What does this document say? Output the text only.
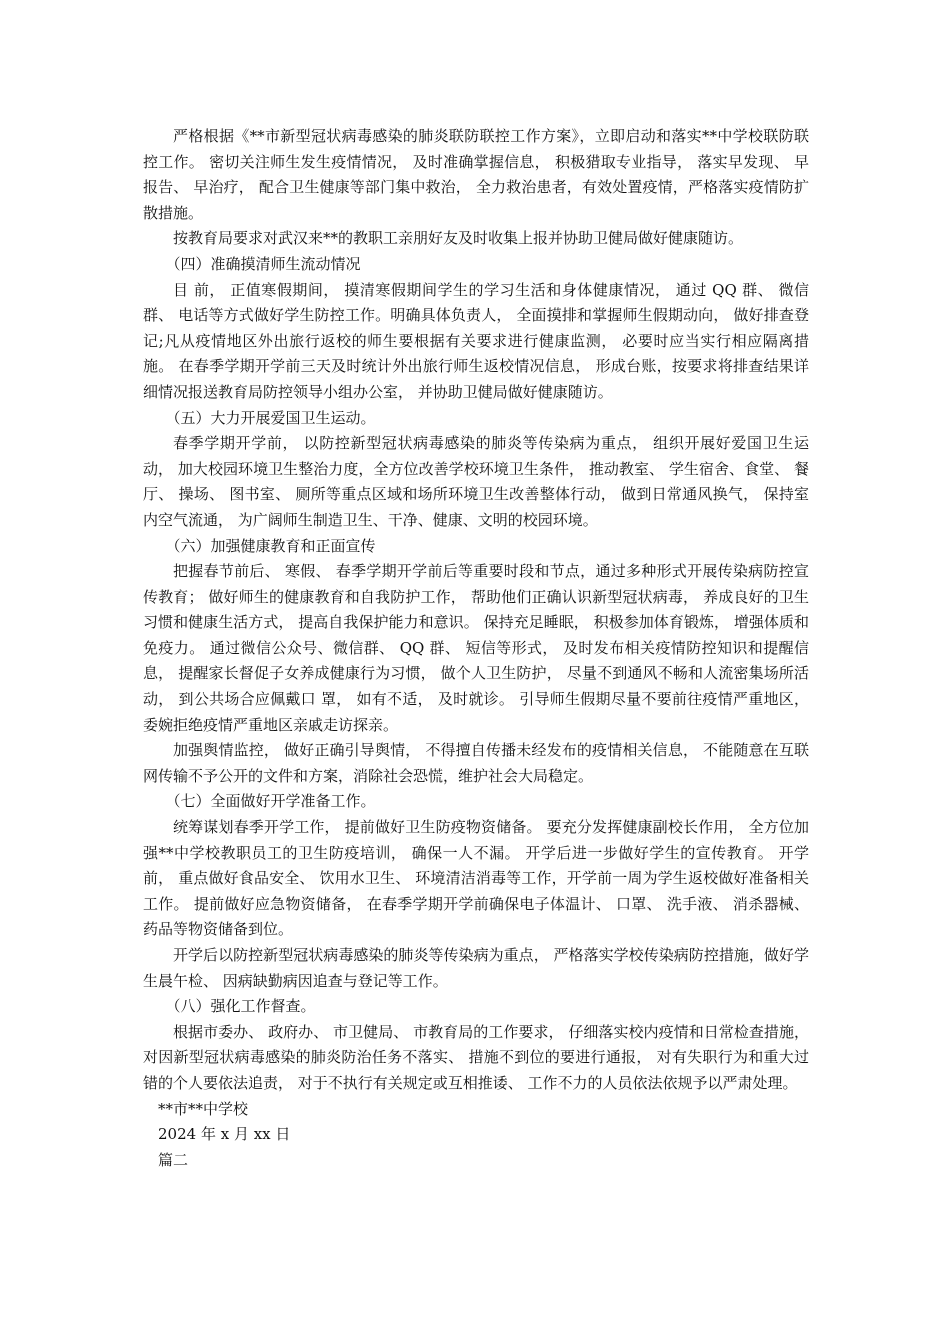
严格根据《**市新型冠状病毒感染的肺炎联防联控工作方案》，立即启动和落实**中学校联防联控工作。 密切关注师生发生疫情情况， 及时准确掌握信息， 积极猎取专业指导， 落实早发现、 早报告、 早治疗， 配合卫生健康等部门集中救治， 全力救治患者，有效处置疫情，严格落实疫情防扩散措施。

按教育局要求对武汉来**的教职工亲朋好友及时收集上报并协助卫健局做好健康随访。

（四）准确摸清师生流动情况

目 前， 正值寒假期间， 摸清寒假期间学生的学习生活和身体健康情况， 通过 QQ 群、 微信群、 电话等方式做好学生防控工作。明确具体负责人， 全面摸排和掌握师生假期动向， 做好排查登记;凡从疫情地区外出旅行返校的师生要根据有关要求进行健康监测， 必要时应当实行相应隔离措施。 在春季学期开学前三天及时统计外出旅行师生返校情况信息， 形成台账，按要求将排查结果详细情况报送教育局防控领导小组办公室， 并协助卫健局做好健康随访。

（五）大力开展爱国卫生运动。

春季学期开学前， 以防控新型冠状病毒感染的肺炎等传染病为重点， 组织开展好爱国卫生运动， 加大校园环境卫生整治力度，全方位改善学校环境卫生条件， 推动教室、 学生宿舍、食堂、 餐厅、 操场、 图书室、 厕所等重点区域和场所环境卫生改善整体行动， 做到日常通风换气， 保持室内空气流通， 为广阔师生制造卫生、干净、健康、文明的校园环境。

（六）加强健康教育和正面宣传

把握春节前后、 寒假、 春季学期开学前后等重要时段和节点，通过多种形式开展传染病防控宣传教育； 做好师生的健康教育和自我防护工作， 帮助他们正确认识新型冠状病毒， 养成良好的卫生习惯和健康生活方式， 提高自我保护能力和意识。 保持充足睡眠， 积极参加体育锻炼， 增强体质和免疫力。 通过微信公众号、微信群、 QQ 群、 短信等形式， 及时发布相关疫情防控知识和提醒信息， 提醒家长督促子女养成健康行为习惯， 做个人卫生防护， 尽量不到通风不畅和人流密集场所活动， 到公共场合应佩戴口 罩， 如有不适， 及时就诊。 引导师生假期尽量不要前往疫情严重地区，委婉拒绝疫情严重地区亲戚走访探亲。

加强舆情监控， 做好正确引导舆情， 不得擅自传播未经发布的疫情相关信息， 不能随意在互联网传输不予公开的文件和方案，消除社会恐慌，维护社会大局稳定。

（七）全面做好开学准备工作。

统筹谋划春季开学工作， 提前做好卫生防疫物资储备。 要充分发挥健康副校长作用， 全方位加强**中学校教职员工的卫生防疫培训， 确保一人不漏。 开学后进一步做好学生的宣传教育。 开学前， 重点做好食品安全、 饮用水卫生、 环境清洁消毒等工作，开学前一周为学生返校做好准备相关工作。 提前做好应急物资储备， 在春季学期开学前确保电子体温计、 口罩、 洗手液、 消杀器械、药品等物资储备到位。

开学后以防控新型冠状病毒感染的肺炎等传染病为重点， 严格落实学校传染病防控措施，做好学生晨午检、 因病缺勤病因追查与登记等工作。

（八）强化工作督查。

根据市委办、 政府办、 市卫健局、 市教育局的工作要求， 仔细落实校内疫情和日常检查措施， 对因新型冠状病毒感染的肺炎防治任务不落实、 措施不到位的要进行通报， 对有失职行为和重大过错的个人要依法追责， 对于不执行有关规定或互相推诿、 工作不力的人员依法依规予以严肃处理。

**市**中学校

2024 年 x 月 xx 日

篇二
